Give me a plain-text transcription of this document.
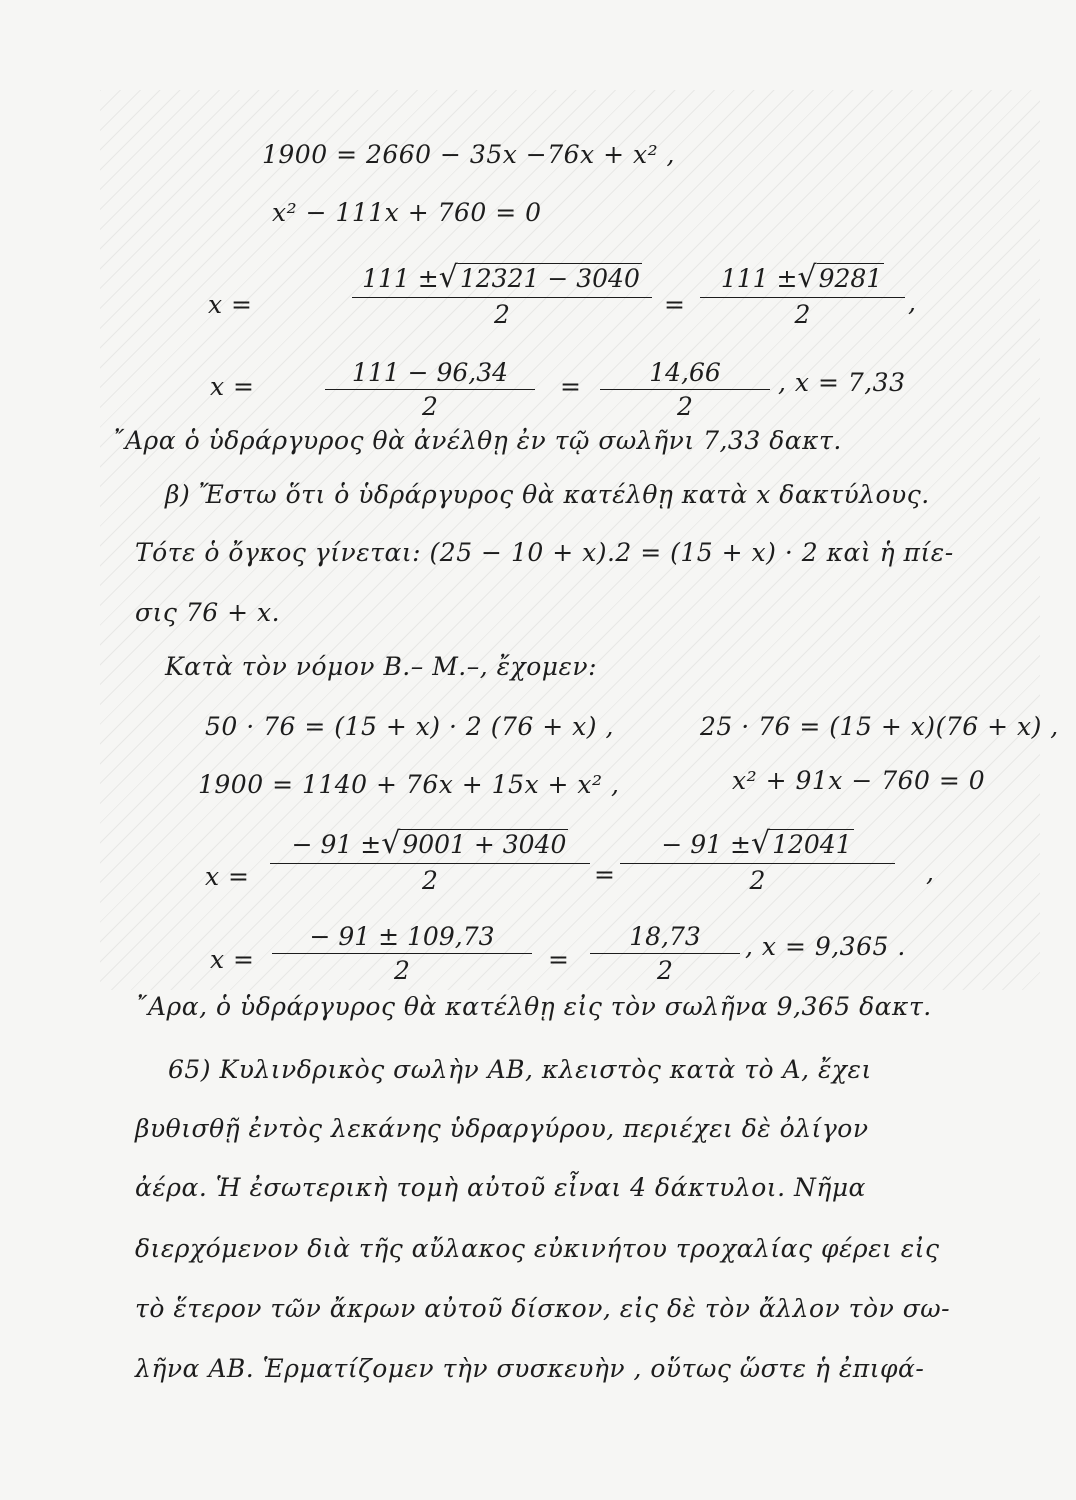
1900 = 2660 − 35x −76x + x² ,
x² − 111x + 760 = 0
x =
111 ±√12321 − 3040
2	=
111 ±√9281
2	,
x =	111 − 96,34
2
=	14,66
2
, x = 7,33
῎Αρα ὁ ὑδράργυρος θὰ ἀνέλθῃ ἐν τῷ σωλῆνι 7,33 δακτ.
β) Ἔστω ὅτι ὁ ὑδράργυρος θὰ κατέλθῃ κατὰ x δακτύλους.
Τότε ὁ ὄγκος γίνεται: (25 − 10 + x).2 = (15 + x) · 2 καὶ ἡ πίε-
σις 76 + x.
Κατὰ τὸν νόμον B.– M.–, ἔχομεν:
50 · 76 = (15 + x) · 2 (76 + x) ,	25 · 76 = (15 + x)(76 + x) ,
1900 = 1140 + 76x + 15x + x² ,	x² + 91x − 760 = 0
x =
− 91 ±√9001 + 3040
2	=
− 91 ±√12041
2	,
x =
− 91 ± 109,73
2	=
18,73
2
, x = 9,365 .
῎Αρα, ὁ ὑδράργυρος θὰ κατέλθῃ εἰς τὸν σωλῆνα 9,365 δακτ.
65) Κυλινδρικὸς σωλὴν AB, κλειστὸς κατὰ τὸ A, ἔχει
βυθισθῇ ἐντὸς λεκάνης ὑδραργύρου, περιέχει δὲ ὀλίγον
ἀέρα. Ἡ ἐσωτερικὴ τομὴ αὐτοῦ εἶναι 4 δάκτυλοι. Νῆμα
διερχόμενον διὰ τῆς αὔλακος εὐκινήτου τροχαλίας φέρει εἰς
τὸ ἕτερον τῶν ἄκρων αὐτοῦ δίσκον, εἰς δὲ τὸν ἄλλον τὸν σω-
λῆνα AB. Ἑρματίζομεν τὴν συσκευὴν , οὕτως ὥστε ἡ ἐπιφά-
